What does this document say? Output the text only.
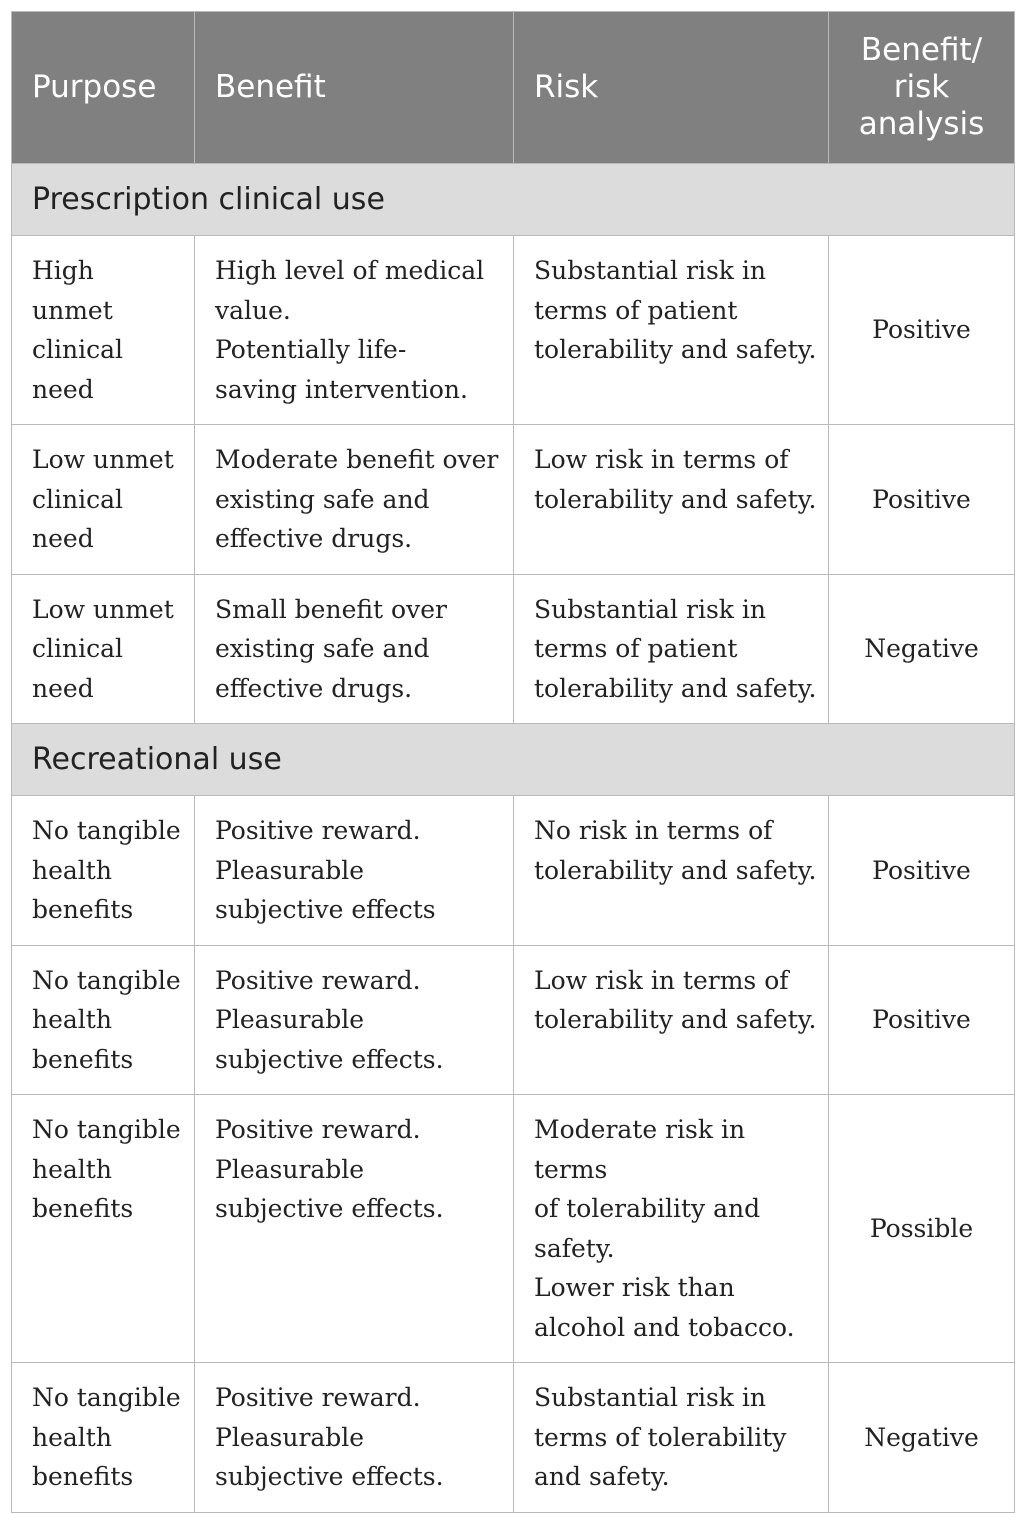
Purpose	Benefit	Risk	Benefit/
risk
analysis

Prescription clinical use			

High
unmet
clinical
need	High level of medical
value.
Potentially life-
saving intervention.	Substantial risk in
terms of patient
tolerability and safety.	Positive

Low unmet
clinical
need	Moderate benefit over
existing safe and
effective drugs.	Low risk in terms of
tolerability and safety.	Positive

Low unmet
clinical
need	Small benefit over
existing safe and
effective drugs.	Substantial risk in
terms of patient
tolerability and safety.	Negative
Recreational use			

No tangible
health
benefits	Positive reward.
Pleasurable
subjective effects	No risk in terms of
tolerability and safety.	Positive

No tangible
health
benefits	Positive reward.
Pleasurable
subjective effects.	Low risk in terms of
tolerability and safety.	Positive

No tangible
health
benefits	Positive reward.
Pleasurable
subjective effects.	Moderate risk in terms
of tolerability and
safety.
Lower risk than
alcohol and tobacco.	Possible

No tangible
health
benefits	Positive reward.
Pleasurable
subjective effects.	Substantial risk in
terms of tolerability
and safety.	Negative
